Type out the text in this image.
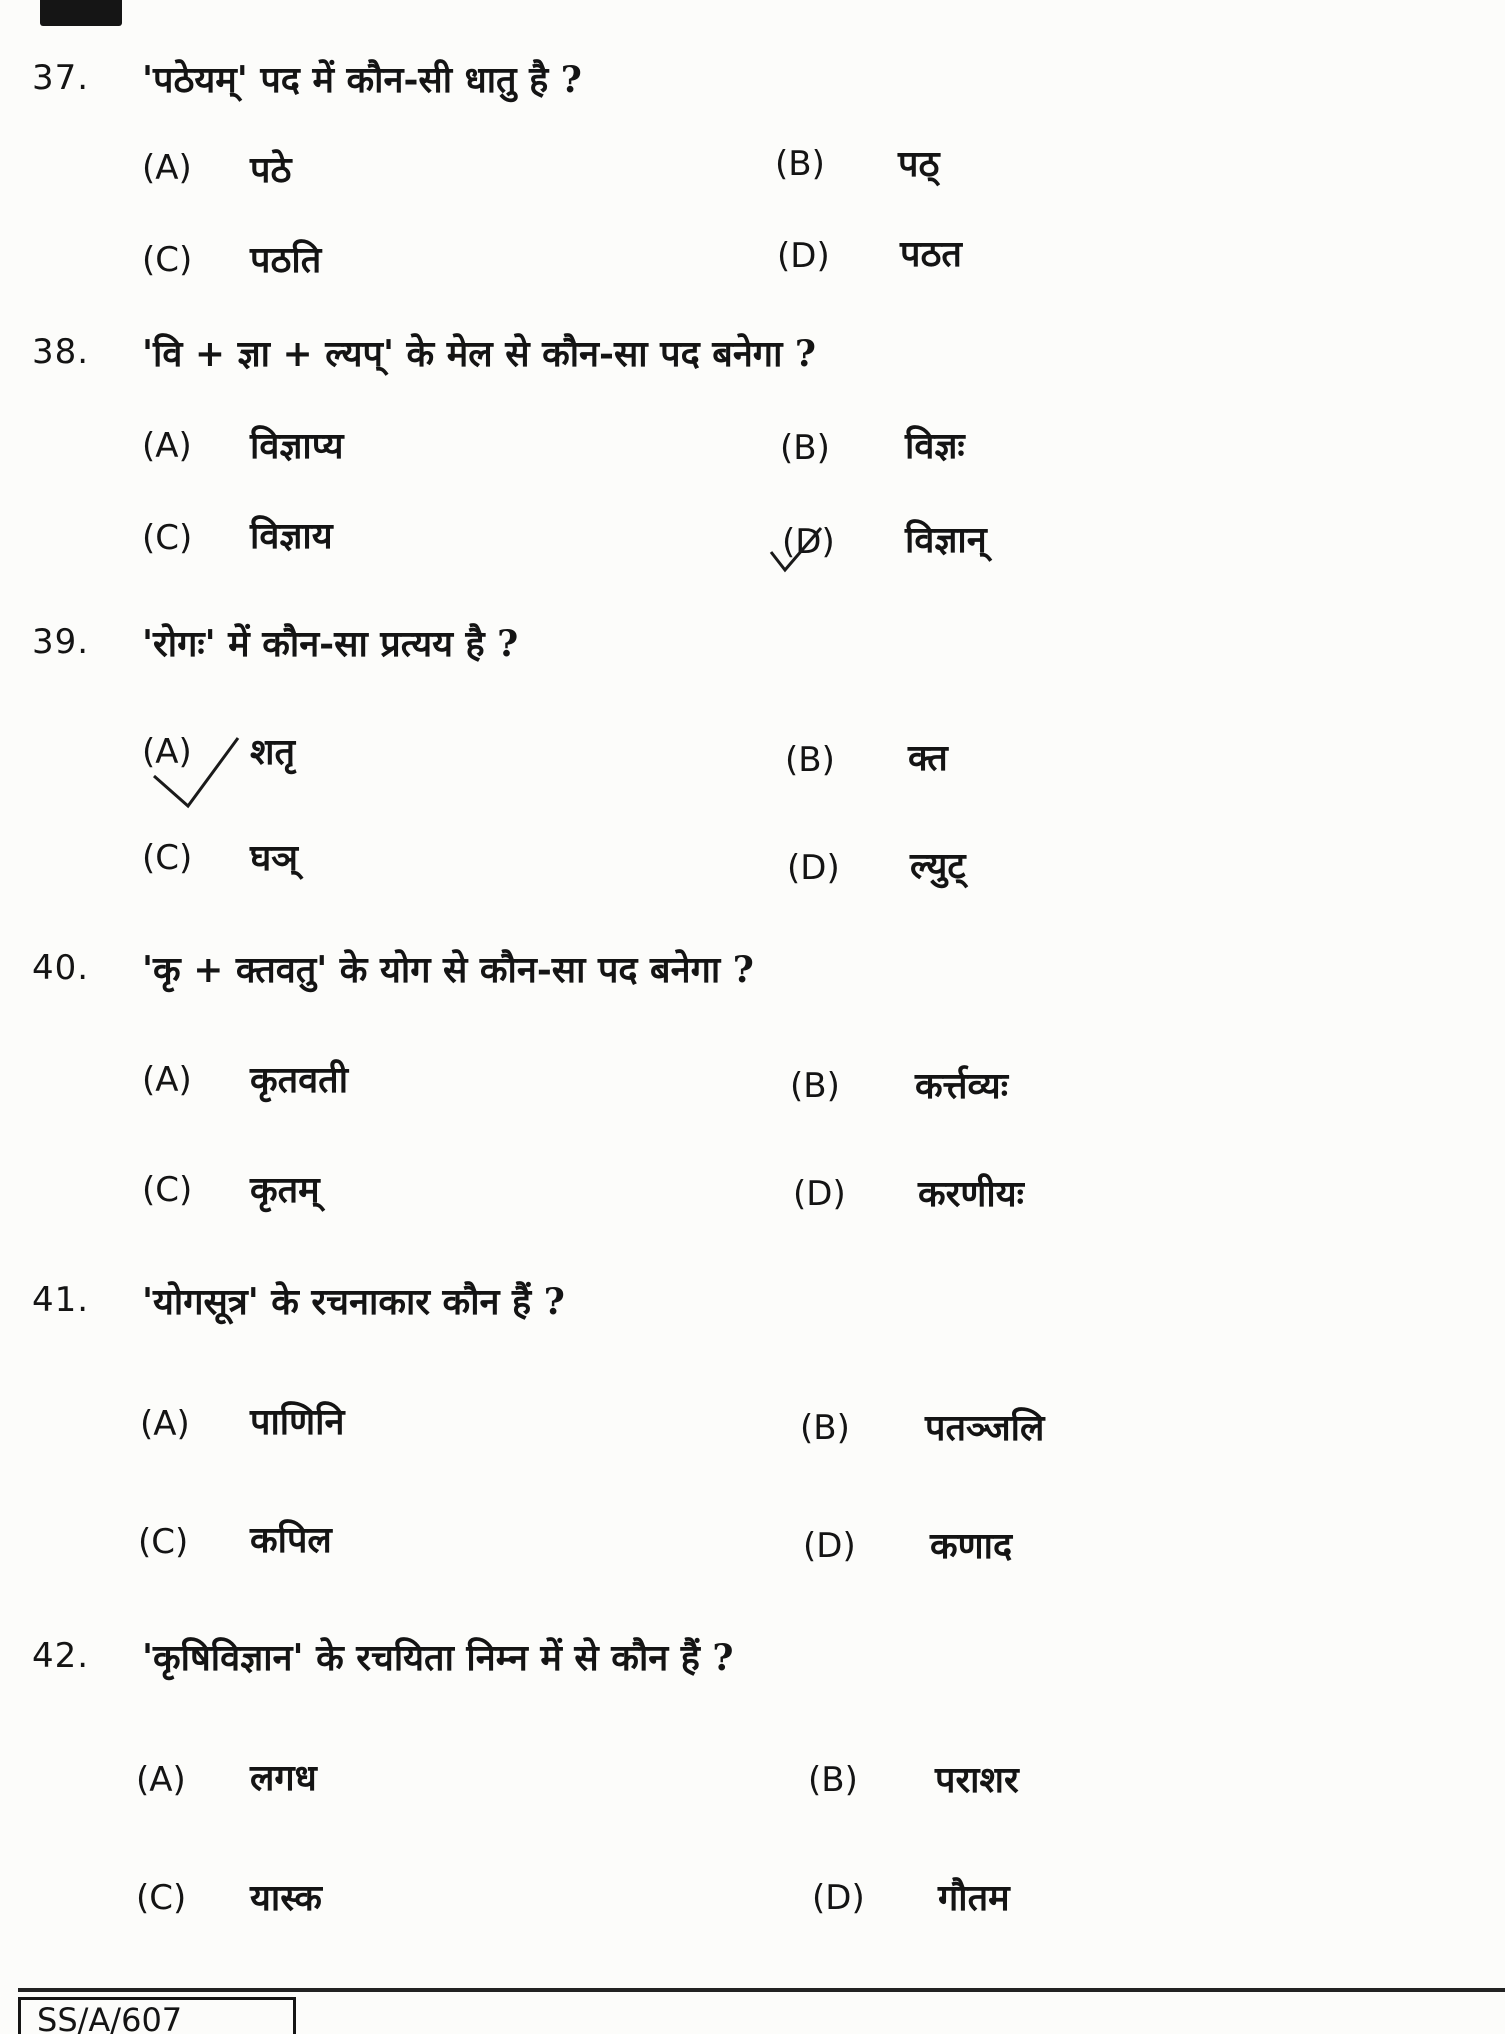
37. 'पठेयम्' पद में कौन-सी धातु है ?
(A) पठे	(B) पठ्
(C) पठति	(D) पठत
38. 'वि + ज्ञा + ल्यप्' के मेल से कौन-सा पद बनेगा ?
(A) विज्ञाप्य	(B) विज्ञः
(C) विज्ञाय	(D) विज्ञान्
39. 'रोगः' में कौन-सा प्रत्यय है ?
(A) शतृ	(B) क्त
(C) घञ्	(D) ल्युट्
40. 'कृ + क्तवतु' के योग से कौन-सा पद बनेगा ?
(A) कृतवती	(B) कर्त्तव्यः
(C) कृतम्	(D) करणीयः
41. 'योगसूत्र' के रचनाकार कौन हैं ?
(A) पाणिनि	(B) पतञ्जलि
(C) कपिल	(D) कणाद
42. 'कृषिविज्ञान' के रचयिता निम्न में से कौन हैं ?
(A) लगध	(B) पराशर
(C) यास्क	(D) गौतम
SS/A/607
